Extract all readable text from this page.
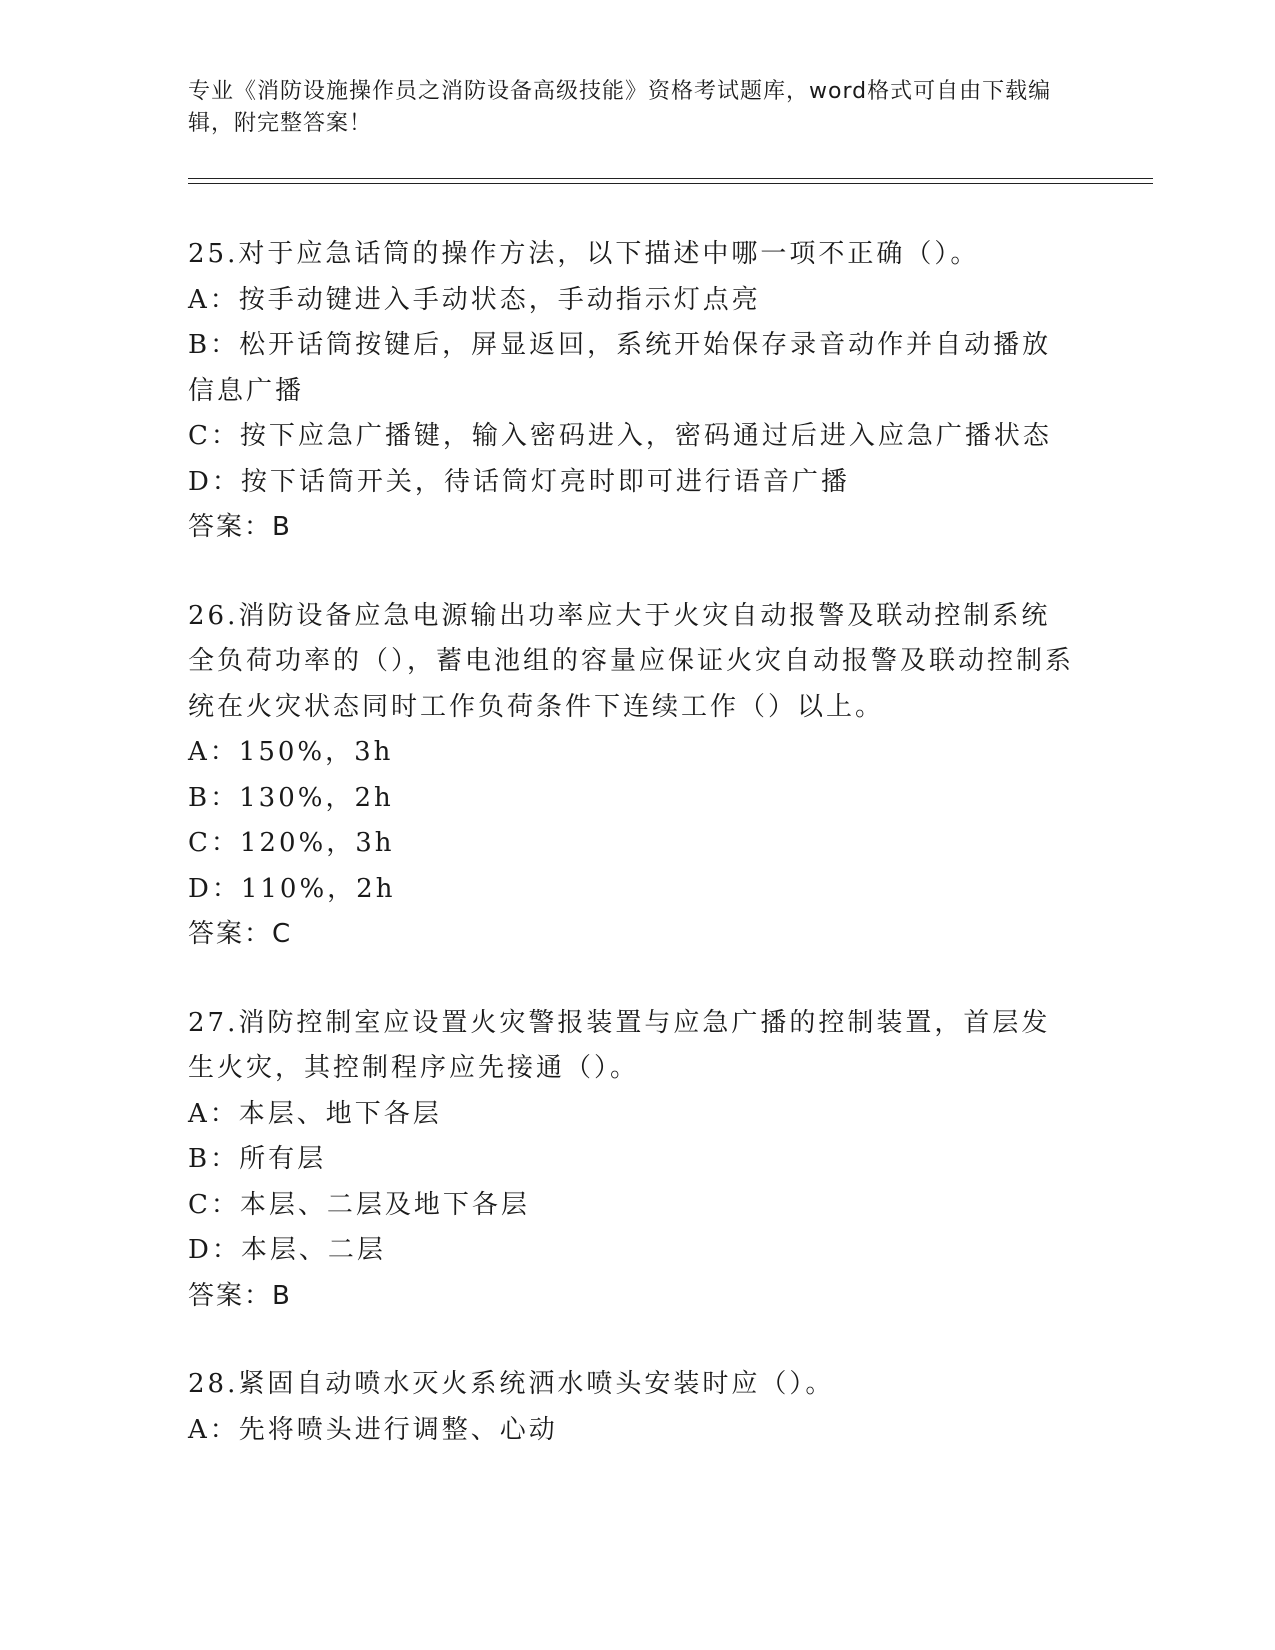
专业《消防设施操作员之消防设备高级技能》资格考试题库，word格式可自由下载编辑，附完整答案！
25.对于应急话筒的操作方法，以下描述中哪一项不正确（）。
A：按手动键进入手动状态，手动指示灯点亮
B：松开话筒按键后，屏显返回，系统开始保存录音动作并自动播放信息广播
C：按下应急广播键，输入密码进入，密码通过后进入应急广播状态
D：按下话筒开关，待话筒灯亮时即可进行语音广播
答案：B
26.消防设备应急电源输出功率应大于火灾自动报警及联动控制系统全负荷功率的（），蓄电池组的容量应保证火灾自动报警及联动控制系统在火灾状态同时工作负荷条件下连续工作（）以上。
A：150%，3h
B：130%，2h
C：120%，3h
D：110%，2h
答案：C
27.消防控制室应设置火灾警报装置与应急广播的控制装置，首层发生火灾，其控制程序应先接通（）。
A：本层、地下各层
B：所有层
C：本层、二层及地下各层
D：本层、二层
答案：B
28.紧固自动喷水灭火系统洒水喷头安装时应（）。
A：先将喷头进行调整、心动
